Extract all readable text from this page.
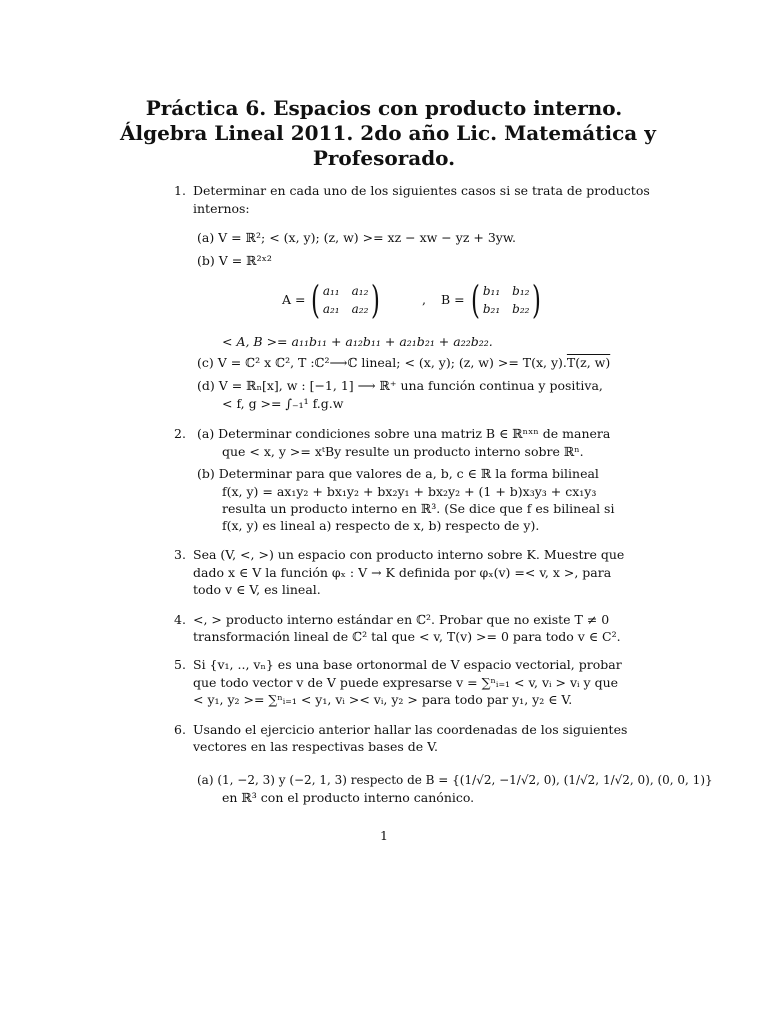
Práctica 6. Espacios con producto interno.
Álgebra Lineal 2011. 2do año Lic. Matemática y
Profesorado.
1. Determinar en cada uno de los siguientes casos si se trata de productos
internos:
(a) V = ℝ²; < (x, y); (z, w) >= xz − xw − yz + 3yw.
(b) V = ℝ²ˣ²
A = ( a₁₁ a₁₂
a₂₁ a₂₂ )	, B = ( b₁₁ b₁₂
b₂₁ b₂₂ )
< A, B >= a₁₁b₁₁ + a₁₂b₁₁ + a₂₁b₂₁ + a₂₂b₂₂.
(c) V = ℂ² x ℂ², T :ℂ²⟶ℂ lineal; < (x, y); (z, w) >= T(x, y).T(z, w)
(d) V = ℝₙ[x], w : [−1, 1] ⟶ ℝ⁺ una función continua y positiva,
< f, g >= ∫₋₁¹ f.g.w
2. (a) Determinar condiciones sobre una matriz B ∈ ℝⁿˣⁿ de manera
que < x, y >= xᵗBy resulte un producto interno sobre ℝⁿ.
(b) Determinar para que valores de a, b, c ∈ ℝ la forma bilineal
f(x, y) = ax₁y₂ + bx₁y₂ + bx₂y₁ + bx₂y₂ + (1 + b)x₃y₃ + cx₁y₃
resulta un producto interno en ℝ³. (Se dice que f es bilineal si
f(x, y) es lineal a) respecto de x, b) respecto de y).
3. Sea (V, <, >) un espacio con producto interno sobre K. Muestre que
dado x ∈ V la función φₓ : V → K definida por φₓ(v) =< v, x >, para
todo v ∈ V, es lineal.
4. <, > producto interno estándar en ℂ². Probar que no existe T ≠ 0
transformación lineal de ℂ² tal que < v, T(v) >= 0 para todo v ∈ C².
5. Si {v₁, .., vₙ} es una base ortonormal de V espacio vectorial, probar
que todo vector v de V puede expresarse v = ∑ⁿᵢ₌₁ < v, vᵢ > vᵢ y que
< y₁, y₂ >= ∑ⁿᵢ₌₁ < y₁, vᵢ >< vᵢ, y₂ > para todo par y₁, y₂ ∈ V.
6. Usando el ejercicio anterior hallar las coordenadas de los siguientes
vectores en las respectivas bases de V.
(a) (1, −2, 3) y (−2, 1, 3) respecto de B = {(1/√2, −1/√2, 0), (1/√2, 1/√2, 0), (0, 0, 1)}
en ℝ³ con el producto interno canónico.
1
